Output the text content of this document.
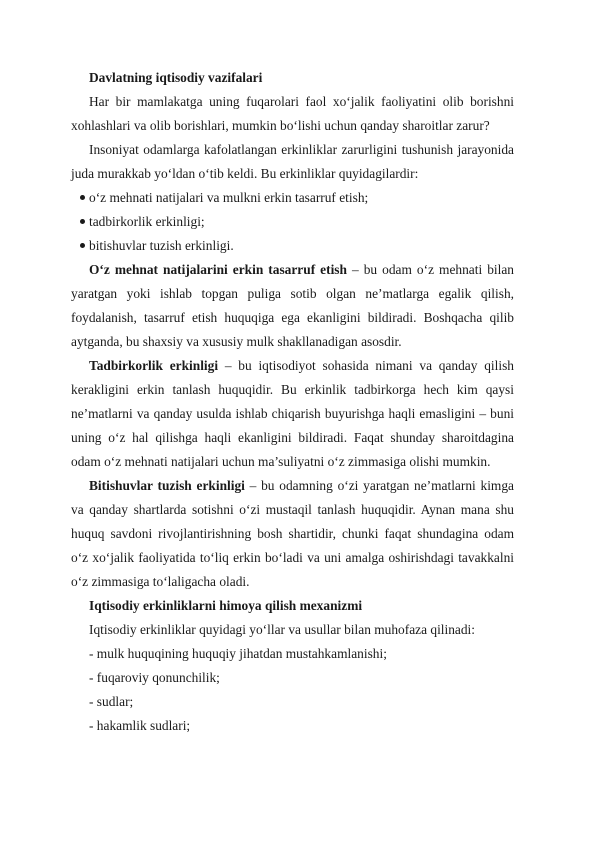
Davlatning iqtisodiy vazifalari
Har bir mamlakatga uning fuqarolari faol xo‘jalik faoliyatini olib borishni
xohlashlari va olib borishlari, mumkin bo‘lishi uchun qanday sharoitlar zarur?
Insoniyat odamlarga kafolatlangan erkinliklar zarurligini tushunish jarayonida
juda murakkab yo‘ldan o‘tib keldi. Bu erkinliklar quyidagilardir:
o‘z mehnati natijalari va mulkni erkin tasarruf etish;
tadbirkorlik erkinligi;
bitishuvlar tuzish erkinligi.
O‘z mehnat natijalarini erkin tasarruf etish – bu odam o‘z mehnati bilan
yaratgan yoki ishlab topgan puliga sotib olgan ne’matlarga egalik qilish,
foydalanish, tasarruf etish huquqiga ega ekanligini bildiradi. Boshqacha qilib
aytganda, bu shaxsiy va xususiy mulk shakllanadigan asosdir.
Tadbirkorlik erkinligi – bu iqtisodiyot sohasida nimani va qanday qilish
kerakligini erkin tanlash huquqidir. Bu erkinlik tadbirkorga hech kim qaysi
ne’matlarni va qanday usulda ishlab chiqarish buyurishga haqli emasligini – buni
uning o‘z hal qilishga haqli ekanligini bildiradi. Faqat shunday sharoitdagina
odam o‘z mehnati natijalari uchun ma’suliyatni o‘z zimmasiga olishi mumkin.
Bitishuvlar tuzish erkinligi – bu odamning o‘zi yaratgan ne’matlarni kimga
va qanday shartlarda sotishni o‘zi mustaqil tanlash huquqidir. Aynan mana shu
huquq savdoni rivojlantirishning bosh shartidir, chunki faqat shundagina odam
o‘z xo‘jalik faoliyatida to‘liq erkin bo‘ladi va uni amalga oshirishdagi tavakkalni
o‘z zimmasiga to‘laligacha oladi.
Iqtisodiy erkinliklarni himoya qilish mexanizmi
Iqtisodiy erkinliklar quyidagi yo‘llar va usullar bilan muhofaza qilinadi:
- mulk huquqining huquqiy jihatdan mustahkamlanishi;
- fuqaroviy qonunchilik;
- sudlar;
- hakamlik sudlari;
